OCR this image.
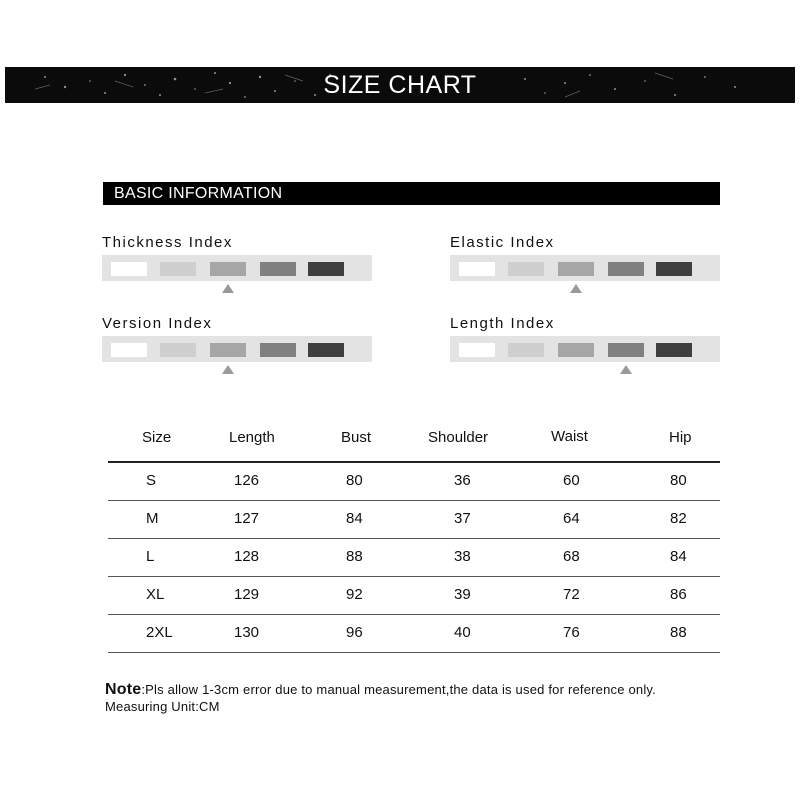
SIZE CHART
BASIC INFORMATION
Thickness Index	Elastic Index
Version Index	Length Index
Size	Length	Bust	Shoulder	Waist	Hip
S	126	80	36	60	80
M	127	84	37	64	82
L	128	88	38	68	84
XL	129	92	39	72	86
2XL	130	96	40	76	88
Note:Pls allow 1-3cm error due to manual measurement,the data is used for reference only.
Measuring Unit:CM
